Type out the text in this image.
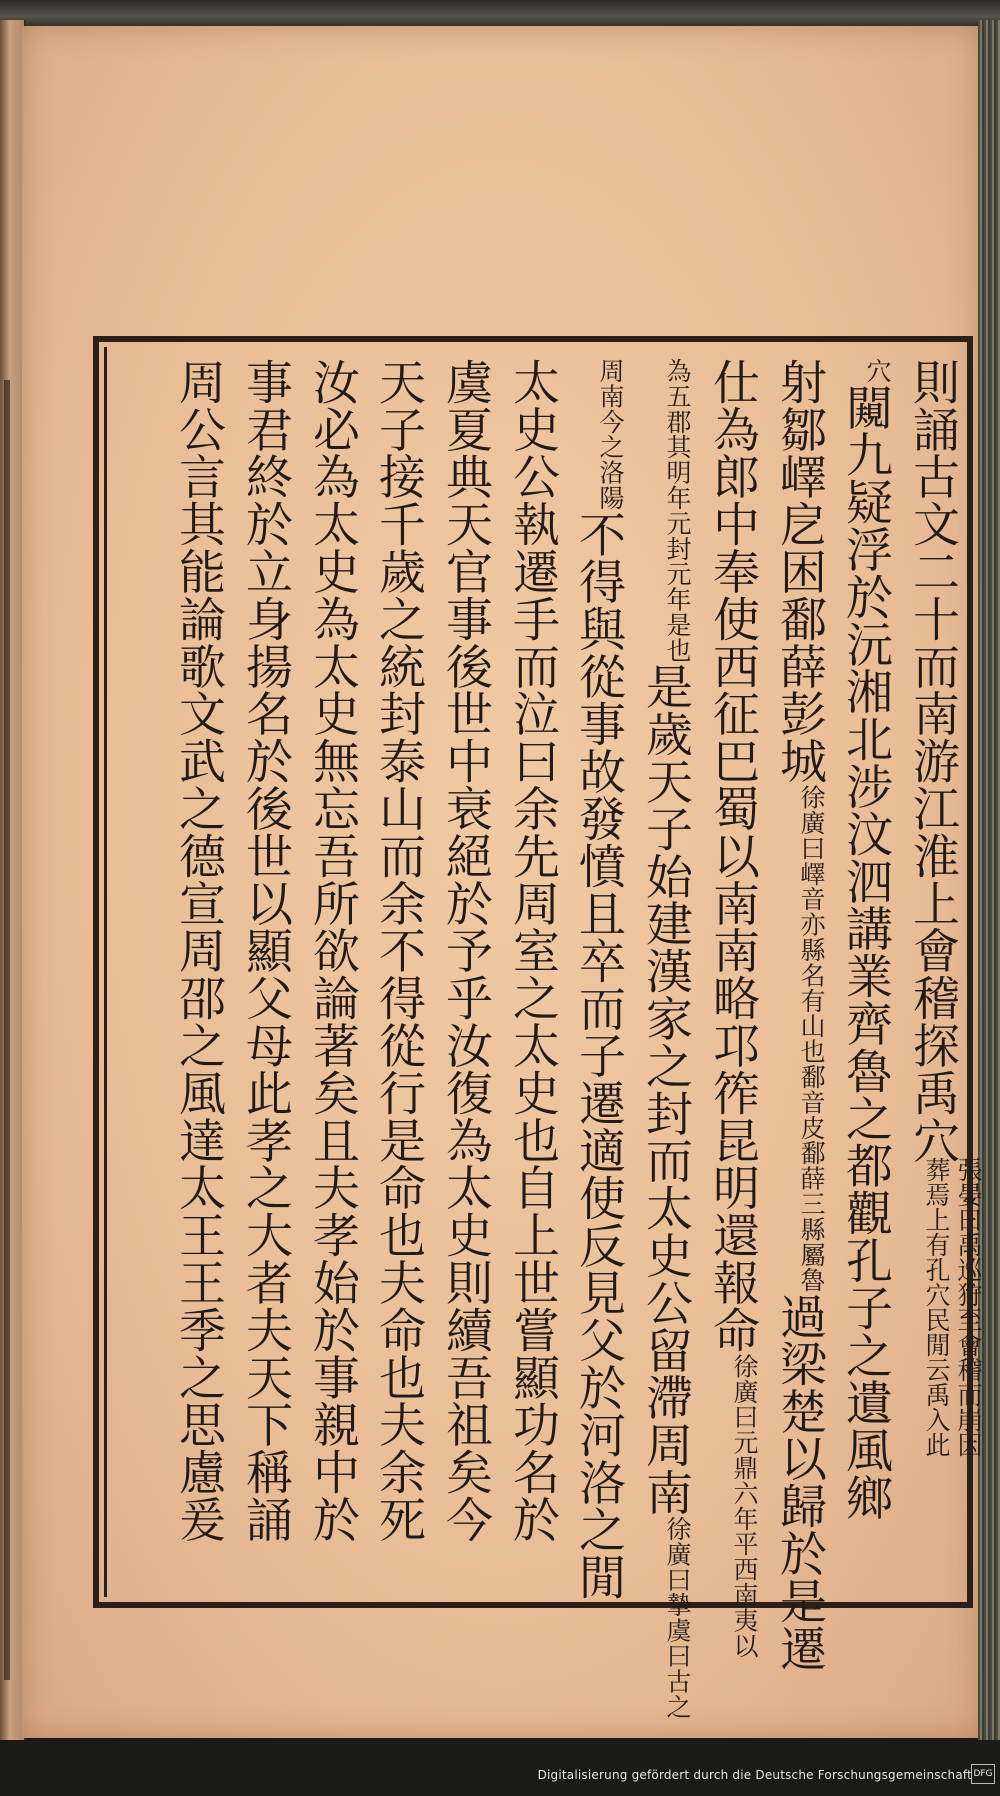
則誦古文二十而南游江淮上會稽探禹穴
張晏曰禹巡狩至會稽而崩因
葬焉上有孔穴民閒云禹入此
穴闚九疑浮於沅湘北涉汶泗講業齊魯之都觀孔子之遺風鄉
射鄒嶧戹困鄱薛彭城徐廣曰嶧音亦縣名有山也鄱音皮鄱薛三縣屬魯過梁楚以歸於是遷
仕為郎中奉使西征巴蜀以南南略邛筰昆明還報命徐廣曰元鼎六年平西南夷以
為五郡其明年元封元年是也是歲天子始建漢家之封而太史公留滯周南徐廣曰摯虞曰古之
周南今之洛陽不得與從事故發憤且卒而子遷適使反見父於河洛之閒
太史公執遷手而泣曰余先周室之太史也自上世嘗顯功名於
虞夏典天官事後世中衰絕於予乎汝復為太史則續吾祖矣今
天子接千歲之統封泰山而余不得從行是命也夫命也夫余死
汝必為太史為太史無忘吾所欲論著矣且夫孝始於事親中於
事君終於立身揚名於後世以顯父母此孝之大者夫天下稱誦
周公言其能論歌文武之德宣周邵之風達太王王季之思慮爰
Digitalisierung gefördert durch die Deutsche Forschungsgemeinschaft DFG
